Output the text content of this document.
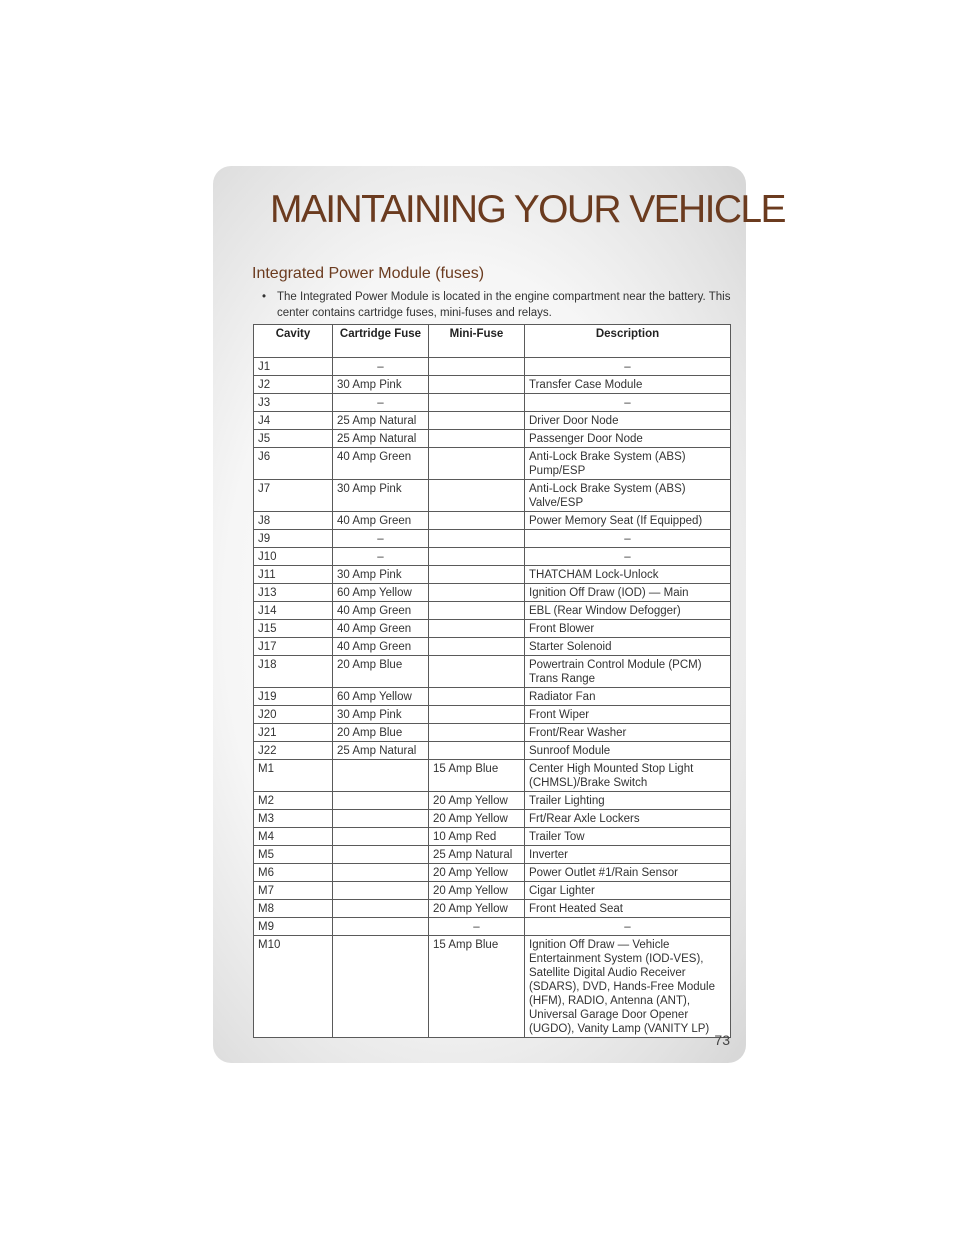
MAINTAINING YOUR VEHICLE
Integrated Power Module (fuses)
• The Integrated Power Module is located in the engine compartment near the battery. This center contains cartridge fuses, mini-fuses and relays.
Cavity	Cartridge Fuse	Mini-Fuse	Description
J1	–		–
J2	30 Amp Pink		Transfer Case Module
J3	–		–
J4	25 Amp Natural		Driver Door Node
J5	25 Amp Natural		Passenger Door Node
J6	40 Amp Green		Anti-Lock Brake System (ABS) Pump/ESP
J7	30 Amp Pink		Anti-Lock Brake System (ABS) Valve/ESP
J8	40 Amp Green		Power Memory Seat (If Equipped)
J9	–		–
J10	–		–
J11	30 Amp Pink		THATCHAM Lock-Unlock
J13	60 Amp Yellow		Ignition Off Draw (IOD) — Main
J14	40 Amp Green		EBL (Rear Window Defogger)
J15	40 Amp Green		Front Blower
J17	40 Amp Green		Starter Solenoid
J18	20 Amp Blue		Powertrain Control Module (PCM) Trans Range
J19	60 Amp Yellow		Radiator Fan
J20	30 Amp Pink		Front Wiper
J21	20 Amp Blue		Front/Rear Washer
J22	25 Amp Natural		Sunroof Module
M1		15 Amp Blue	Center High Mounted Stop Light (CHMSL)/Brake Switch
M2		20 Amp Yellow	Trailer Lighting
M3		20 Amp Yellow	Frt/Rear Axle Lockers
M4		10 Amp Red	Trailer Tow
M5		25 Amp Natural	Inverter
M6		20 Amp Yellow	Power Outlet #1/Rain Sensor
M7		20 Amp Yellow	Cigar Lighter
M8		20 Amp Yellow	Front Heated Seat
M9		–	–
M10		15 Amp Blue	Ignition Off Draw — Vehicle Entertainment System (IOD-VES), Satellite Digital Audio Receiver (SDARS), DVD, Hands-Free Module (HFM), RADIO, Antenna (ANT), Universal Garage Door Opener (UGDO), Vanity Lamp (VANITY LP)
73
